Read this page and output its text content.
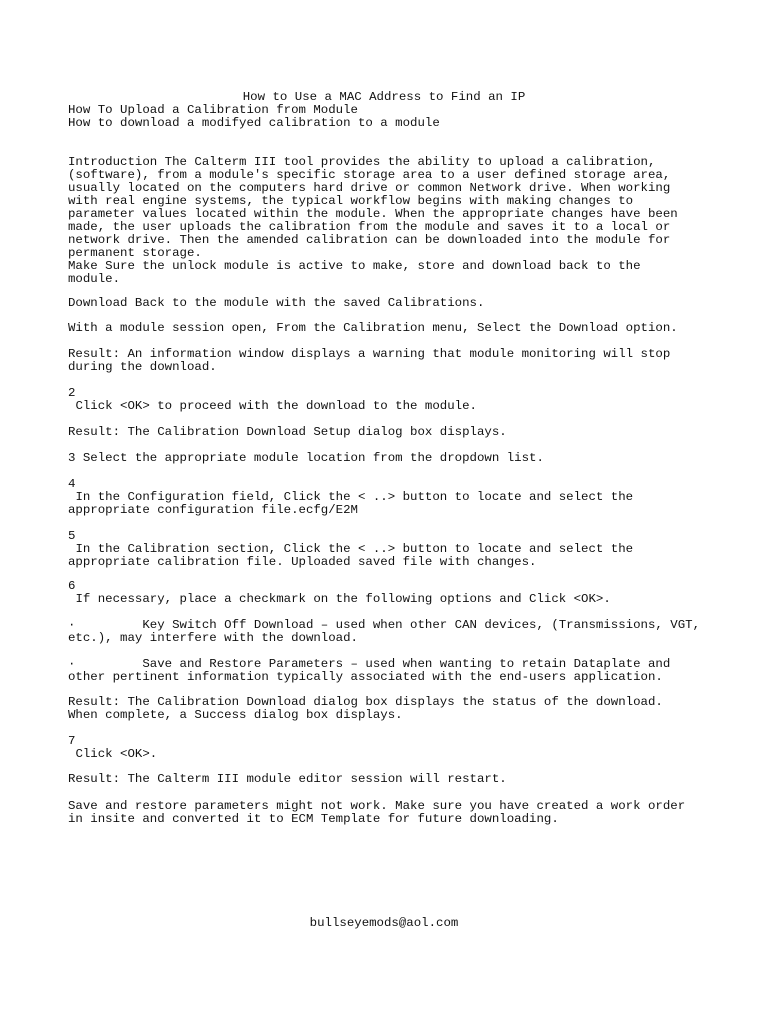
How to Use a MAC Address to Find an IP

How To Upload a Calibration from Module

How to download a modifyed calibration to a module

Introduction The Calterm III tool provides the ability to upload a calibration,
(software), from a module's specific storage area to a user defined storage area,
usually located on the computers hard drive or common Network drive. When working
with real engine systems, the typical workflow begins with making changes to
parameter values located within the module. When the appropriate changes have been
made, the user uploads the calibration from the module and saves it to a local or
network drive. Then the amended calibration can be downloaded into the module for
permanent storage.
Make Sure the unlock module is active to make, store and download back to the
module.

Download Back to the module with the saved Calibrations.

With a module session open, From the Calibration menu, Select the Download option.

Result: An information window displays a warning that module monitoring will stop
during the download.

2
Click <OK> to proceed with the download to the module.

Result: The Calibration Download Setup dialog box displays.

3 Select the appropriate module location from the dropdown list.

4
In the Configuration field, Click the < ..> button to locate and select the
appropriate configuration file.ecfg/E2M

5
In the Calibration section, Click the < ..> button to locate and select the
appropriate calibration file. Uploaded saved file with changes.

6
If necessary, place a checkmark on the following options and Click <OK>.

·         Key Switch Off Download – used when other CAN devices, (Transmissions, VGT,
etc.), may interfere with the download.

·         Save and Restore Parameters – used when wanting to retain Dataplate and
other pertinent information typically associated with the end-users application.

Result: The Calibration Download dialog box displays the status of the download.
When complete, a Success dialog box displays.

7
Click <OK>.

Result: The Calterm III module editor session will restart.

Save and restore parameters might not work. Make sure you have created a work order
in insite and converted it to ECM Template for future downloading.

bullseyemods@aol.com
